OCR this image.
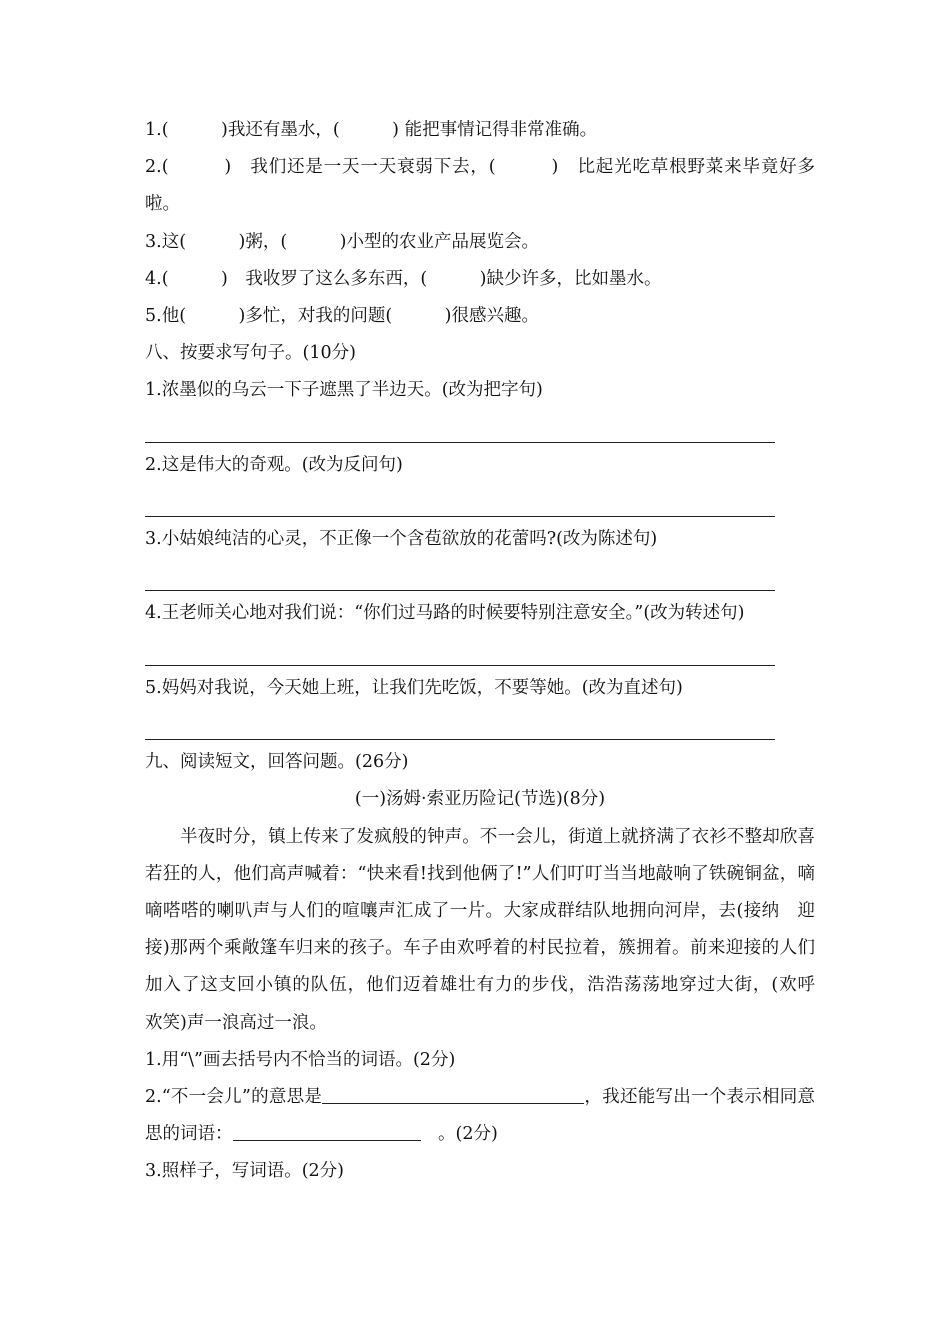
1.(　　　)我还有墨水，(　　　) 能把事情记得非常准确。
2.(　　　)　我们还是一天一天衰弱下去，(　　　)　比起光吃草根野菜来毕竟好多啦。
3.这(　　　)粥，(　　　)小型的农业产品展览会。
4.(　　　)　我收罗了这么多东西，(　　　)缺少许多，比如墨水。
5.他(　　　)多忙，对我的问题(　　　)很感兴趣。
八、按要求写句子。(10分)
1.浓墨似的乌云一下子遮黑了半边天。(改为把字句)
2.这是伟大的奇观。(改为反问句)
3.小姑娘纯洁的心灵，不正像一个含苞欲放的花蕾吗?(改为陈述句)
4.王老师关心地对我们说：“你们过马路的时候要特别注意安全。”(改为转述句)
5.妈妈对我说，今天她上班，让我们先吃饭，不要等她。(改为直述句)
九、阅读短文，回答问题。(26分)
(一)汤姆·索亚历险记(节选)(8分)
半夜时分，镇上传来了发疯般的钟声。不一会儿，街道上就挤满了衣衫不整却欣喜若狂的人，他们高声喊着：“快来看!找到他俩了!”人们叮叮当当地敲响了铁碗铜盆，嘀嘀嗒嗒的喇叭声与人们的喧嚷声汇成了一片。大家成群结队地拥向河岸，去(接纳　迎接)那两个乘敞篷车归来的孩子。车子由欢呼着的村民拉着，簇拥着。前来迎接的人们加入了这支回小镇的队伍，他们迈着雄壮有力的步伐，浩浩荡荡地穿过大街，(欢呼　欢笑)声一浪高过一浪。
1.用“\”画去括号内不恰当的词语。(2分)
2.“不一会儿”的意思是	，我还能写出一个表示相同意思的词语：　	。(2分)
3.照样子，写词语。(2分)
